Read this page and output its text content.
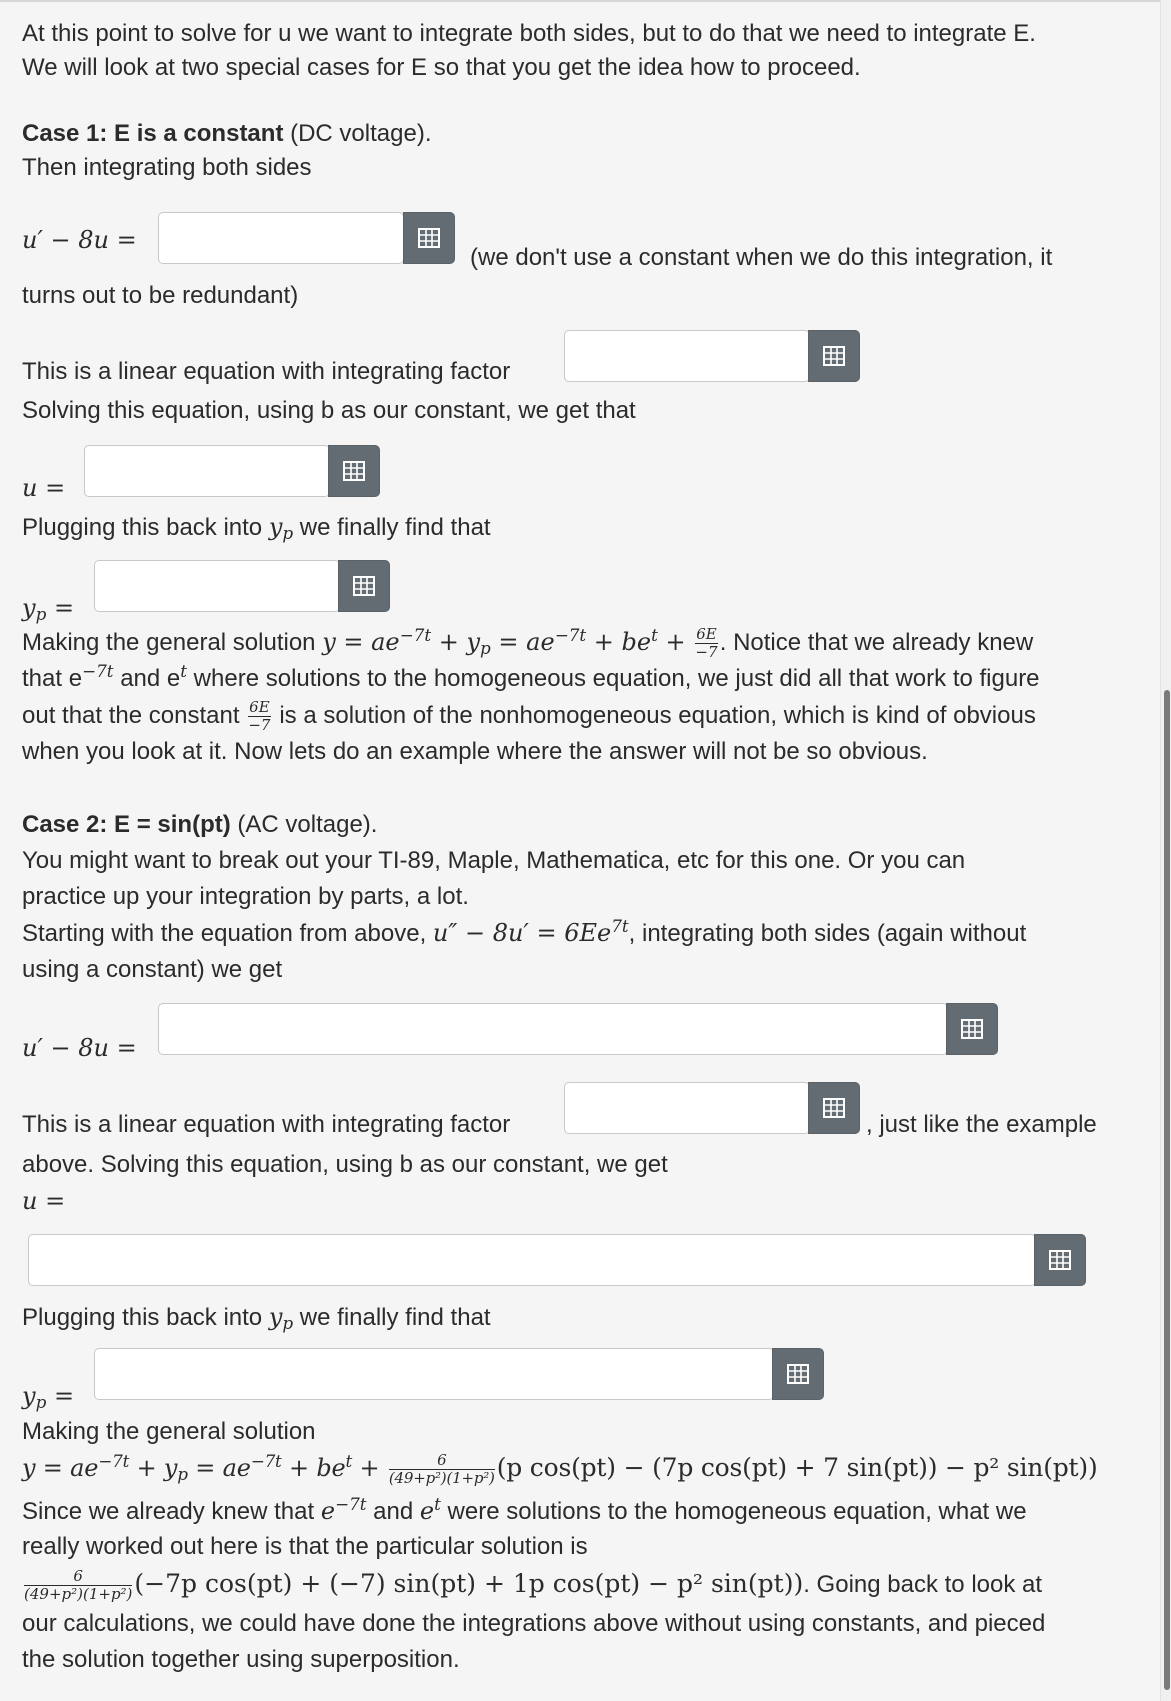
At this point to solve for u we want to integrate both sides, but to do that we need to integrate E.
We will look at two special cases for E so that you get the idea how to proceed.
Case 1: E is a constant (DC voltage).
Then integrating both sides
u′ − 8u =
(we don't use a constant when we do this integration, it
turns out to be redundant)
This is a linear equation with integrating factor
Solving this equation, using b as our constant, we get that
u =
Plugging this back into $y_p$ we finally find that
$y_p$ =
Making the general solution $y = ae^{-7t} + y_p = ae^{-7t} + be^t + \frac{6E}{-7}$ . Notice that we already knew
that $e^{-7t}$ and $e^t$ where solutions to the homogeneous equation, we just did all that work to figure
out that the constant $\frac{6E}{-7}$ is a solution of the nonhomogeneous equation, which is kind of obvious
when you look at it. Now lets do an example where the answer will not be so obvious.
Case 2: E = sin(pt) (AC voltage).
You might want to break out your TI-89, Maple, Mathematica, etc for this one. Or you can
practice up your integration by parts, a lot.
Starting with the equation from above, $u'' - 8u' = 6Ee^{7t}$, integrating both sides (again without
using a constant) we get
u′ − 8u =
This is a linear equation with integrating factor	, just like the example
above. Solving this equation, using b as our constant, we get
u =
Plugging this back into $y_p$ we finally find that
$y_p$ =
Making the general solution
$y = ae^{-7t} + y_p = ae^{-7t} + be^t + \frac{6}{\text{(49+p²)(1+p²)}} (p$ cos(pt) − (7p cos(pt) + 7 sin(pt)) − p² sin(pt))
Since we already knew that $e^{-7t}$ and $e^t$ were solutions to the homogeneous equation, what we
really worked out here is that the particular solution is
$\frac{6}{\text{(49+p²)(1+p²)}} (-7p$ cos(pt) + (−7) sin(pt) + 1p cos(pt) − p² sin(pt)). Going back to look at
our calculations, we could have done the integrations above without using constants, and pieced
the solution together using superposition.
